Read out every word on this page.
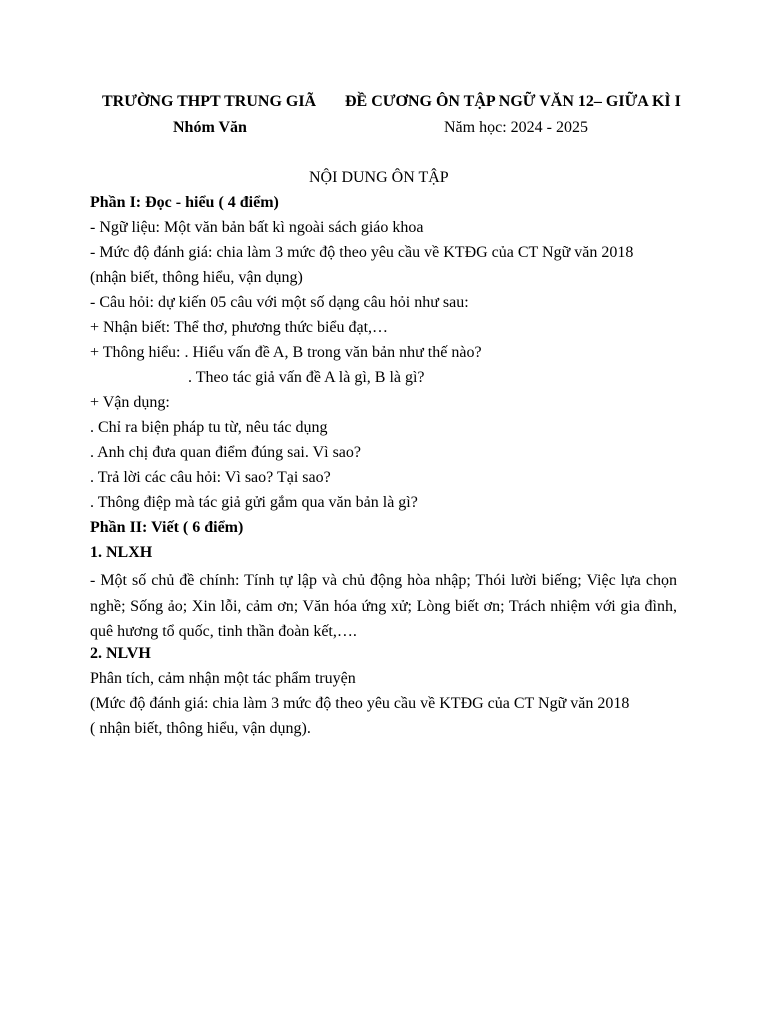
TRƯỜNG THPT TRUNG GIÃ ĐỀ CƯƠNG ÔN TẬP NGỮ VĂN 12– GIỮA KÌ I
Nhóm Văn	Năm học: 2024 - 2025
NỘI DUNG ÔN TẬP
Phần I: Đọc - hiểu ( 4 điểm)
- Ngữ liệu: Một văn bản bất kì ngoài sách giáo khoa
- Mức độ đánh giá: chia làm 3 mức độ theo yêu cầu về KTĐG của CT Ngữ văn 2018
(nhận biết, thông hiểu, vận dụng)
- Câu hỏi: dự kiến 05 câu với một số dạng câu hỏi như sau:
+ Nhận biết: Thể thơ, phương thức biểu đạt,…
+ Thông hiểu: . Hiểu vấn đề A, B trong văn bản như thế nào?
. Theo tác giả vấn đề A là gì, B là gì?
+ Vận dụng:
. Chỉ ra biện pháp tu từ, nêu tác dụng
. Anh chị đưa quan điểm đúng sai. Vì sao?
. Trả lời các câu hỏi: Vì sao? Tại sao?
. Thông điệp mà tác giả gửi gắm qua văn bản là gì?
Phần II: Viết ( 6 điểm)
1. NLXH
- Một số chủ đề chính: Tính tự lập và chủ động hòa nhập; Thói lười biếng; Việc lựa chọn nghề; Sống ảo; Xin lỗi, cảm ơn; Văn hóa ứng xử; Lòng biết ơn; Trách nhiệm với gia đình, quê hương tổ quốc, tinh thần đoàn kết,….
2. NLVH
Phân tích, cảm nhận một tác phẩm truyện
(Mức độ đánh giá: chia làm 3 mức độ theo yêu cầu về KTĐG của CT Ngữ văn 2018
( nhận biết, thông hiểu, vận dụng).
